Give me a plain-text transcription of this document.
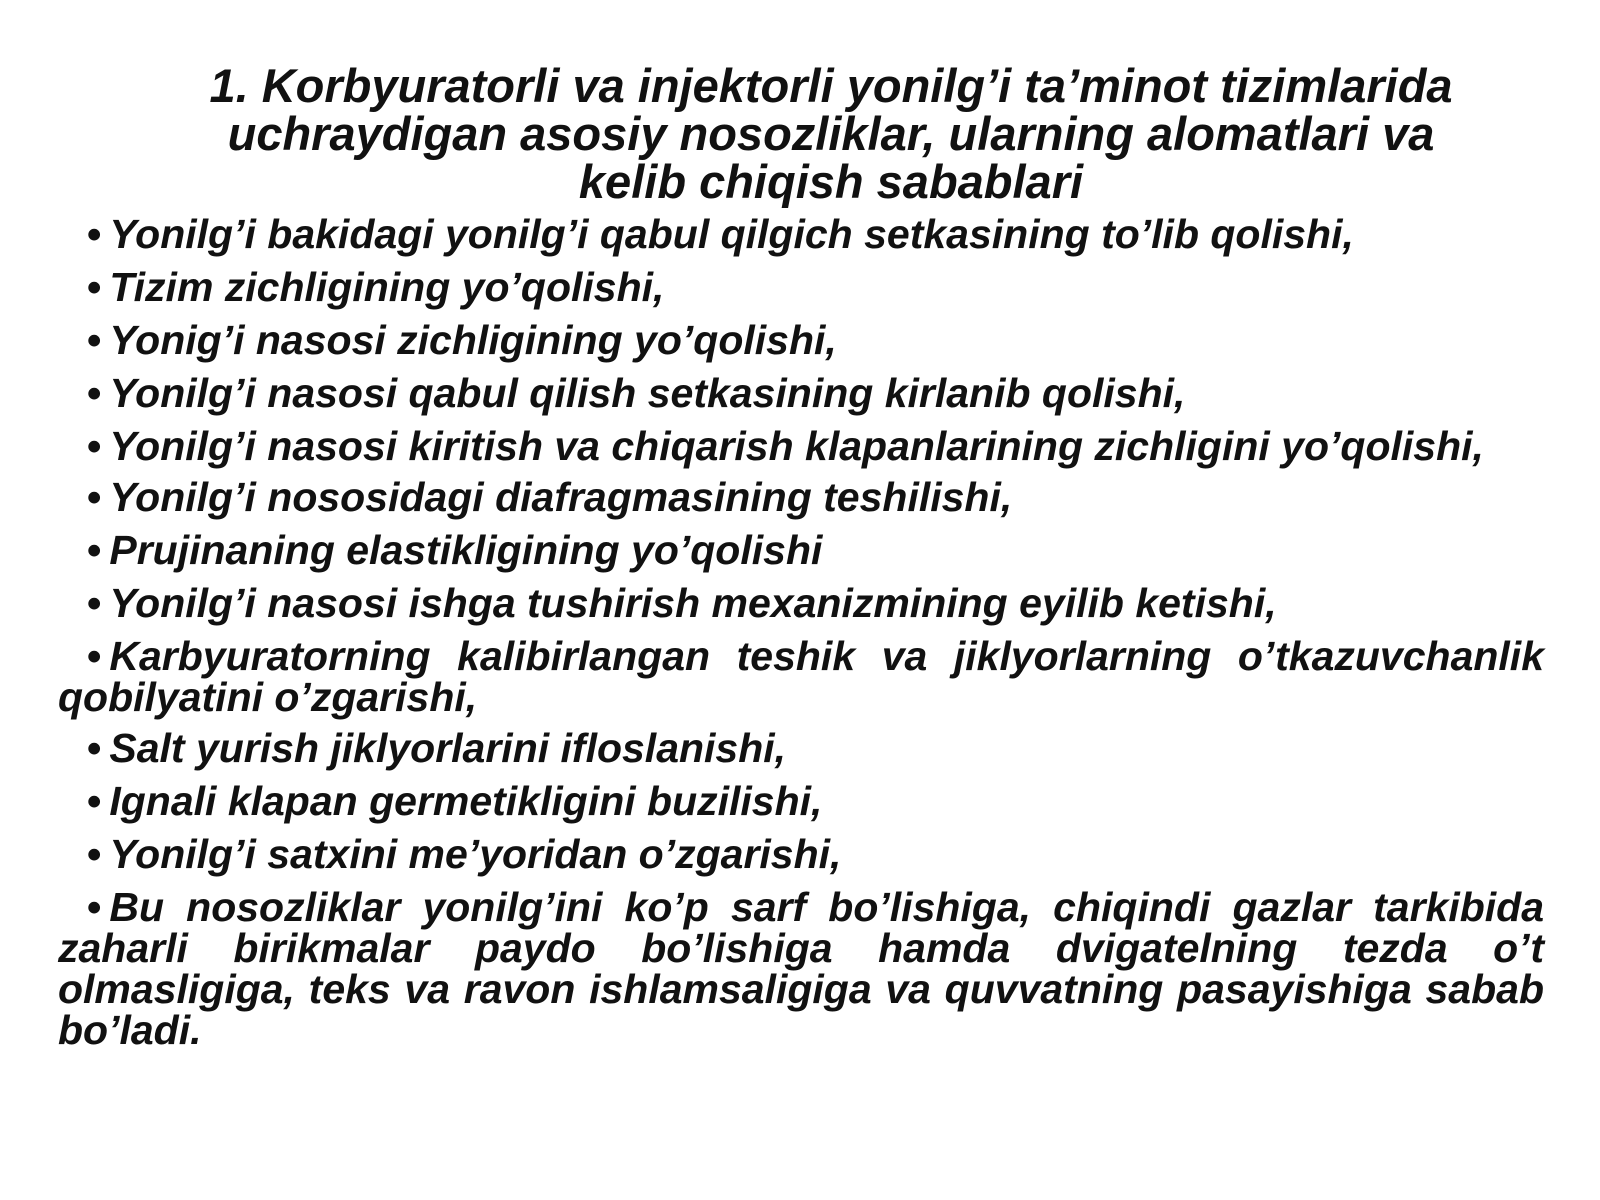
1. Korbyuratorli va injektorli yonilg’i ta’minot tizimlarida
uchraydigan asosiy nosozliklar, ularning alomatlari va
kelib chiqish sabablari
• Yonilg’i bakidagi yonilg’i qabul qilgich setkasining to’lib qolishi,
• Tizim zichligining yo’qolishi,
• Yonig’i nasosi zichligining yo’qolishi,
• Yonilg’i nasosi qabul qilish setkasining kirlanib qolishi,
• Yonilg’i nasosi kiritish va chiqarish klapanlarining zichligini yo’qolishi,
• Yonilg’i nososidagi diafragmasining teshilishi,
• Prujinaning elastikligining yo’qolishi
• Yonilg’i nasosi ishga tushirish mexanizmining eyilib ketishi,
• Karbyuratorning kalibirlangan teshik va jiklyorlarning o’tkazuvchanlik qobilyatini o’zgarishi,
• Salt yurish jiklyorlarini ifloslanishi,
• Ignali klapan germetikligini buzilishi,
• Yonilg’i satxini me’yoridan o’zgarishi,
• Bu nosozliklar yonilg’ini ko’p sarf bo’lishiga, chiqindi gazlar tarkibida zaharli birikmalar paydo bo’lishiga hamda dvigatelning tezda o’t olmasligiga, teks va ravon ishlamsaligiga va quvvatning pasayishiga sabab bo’ladi.
